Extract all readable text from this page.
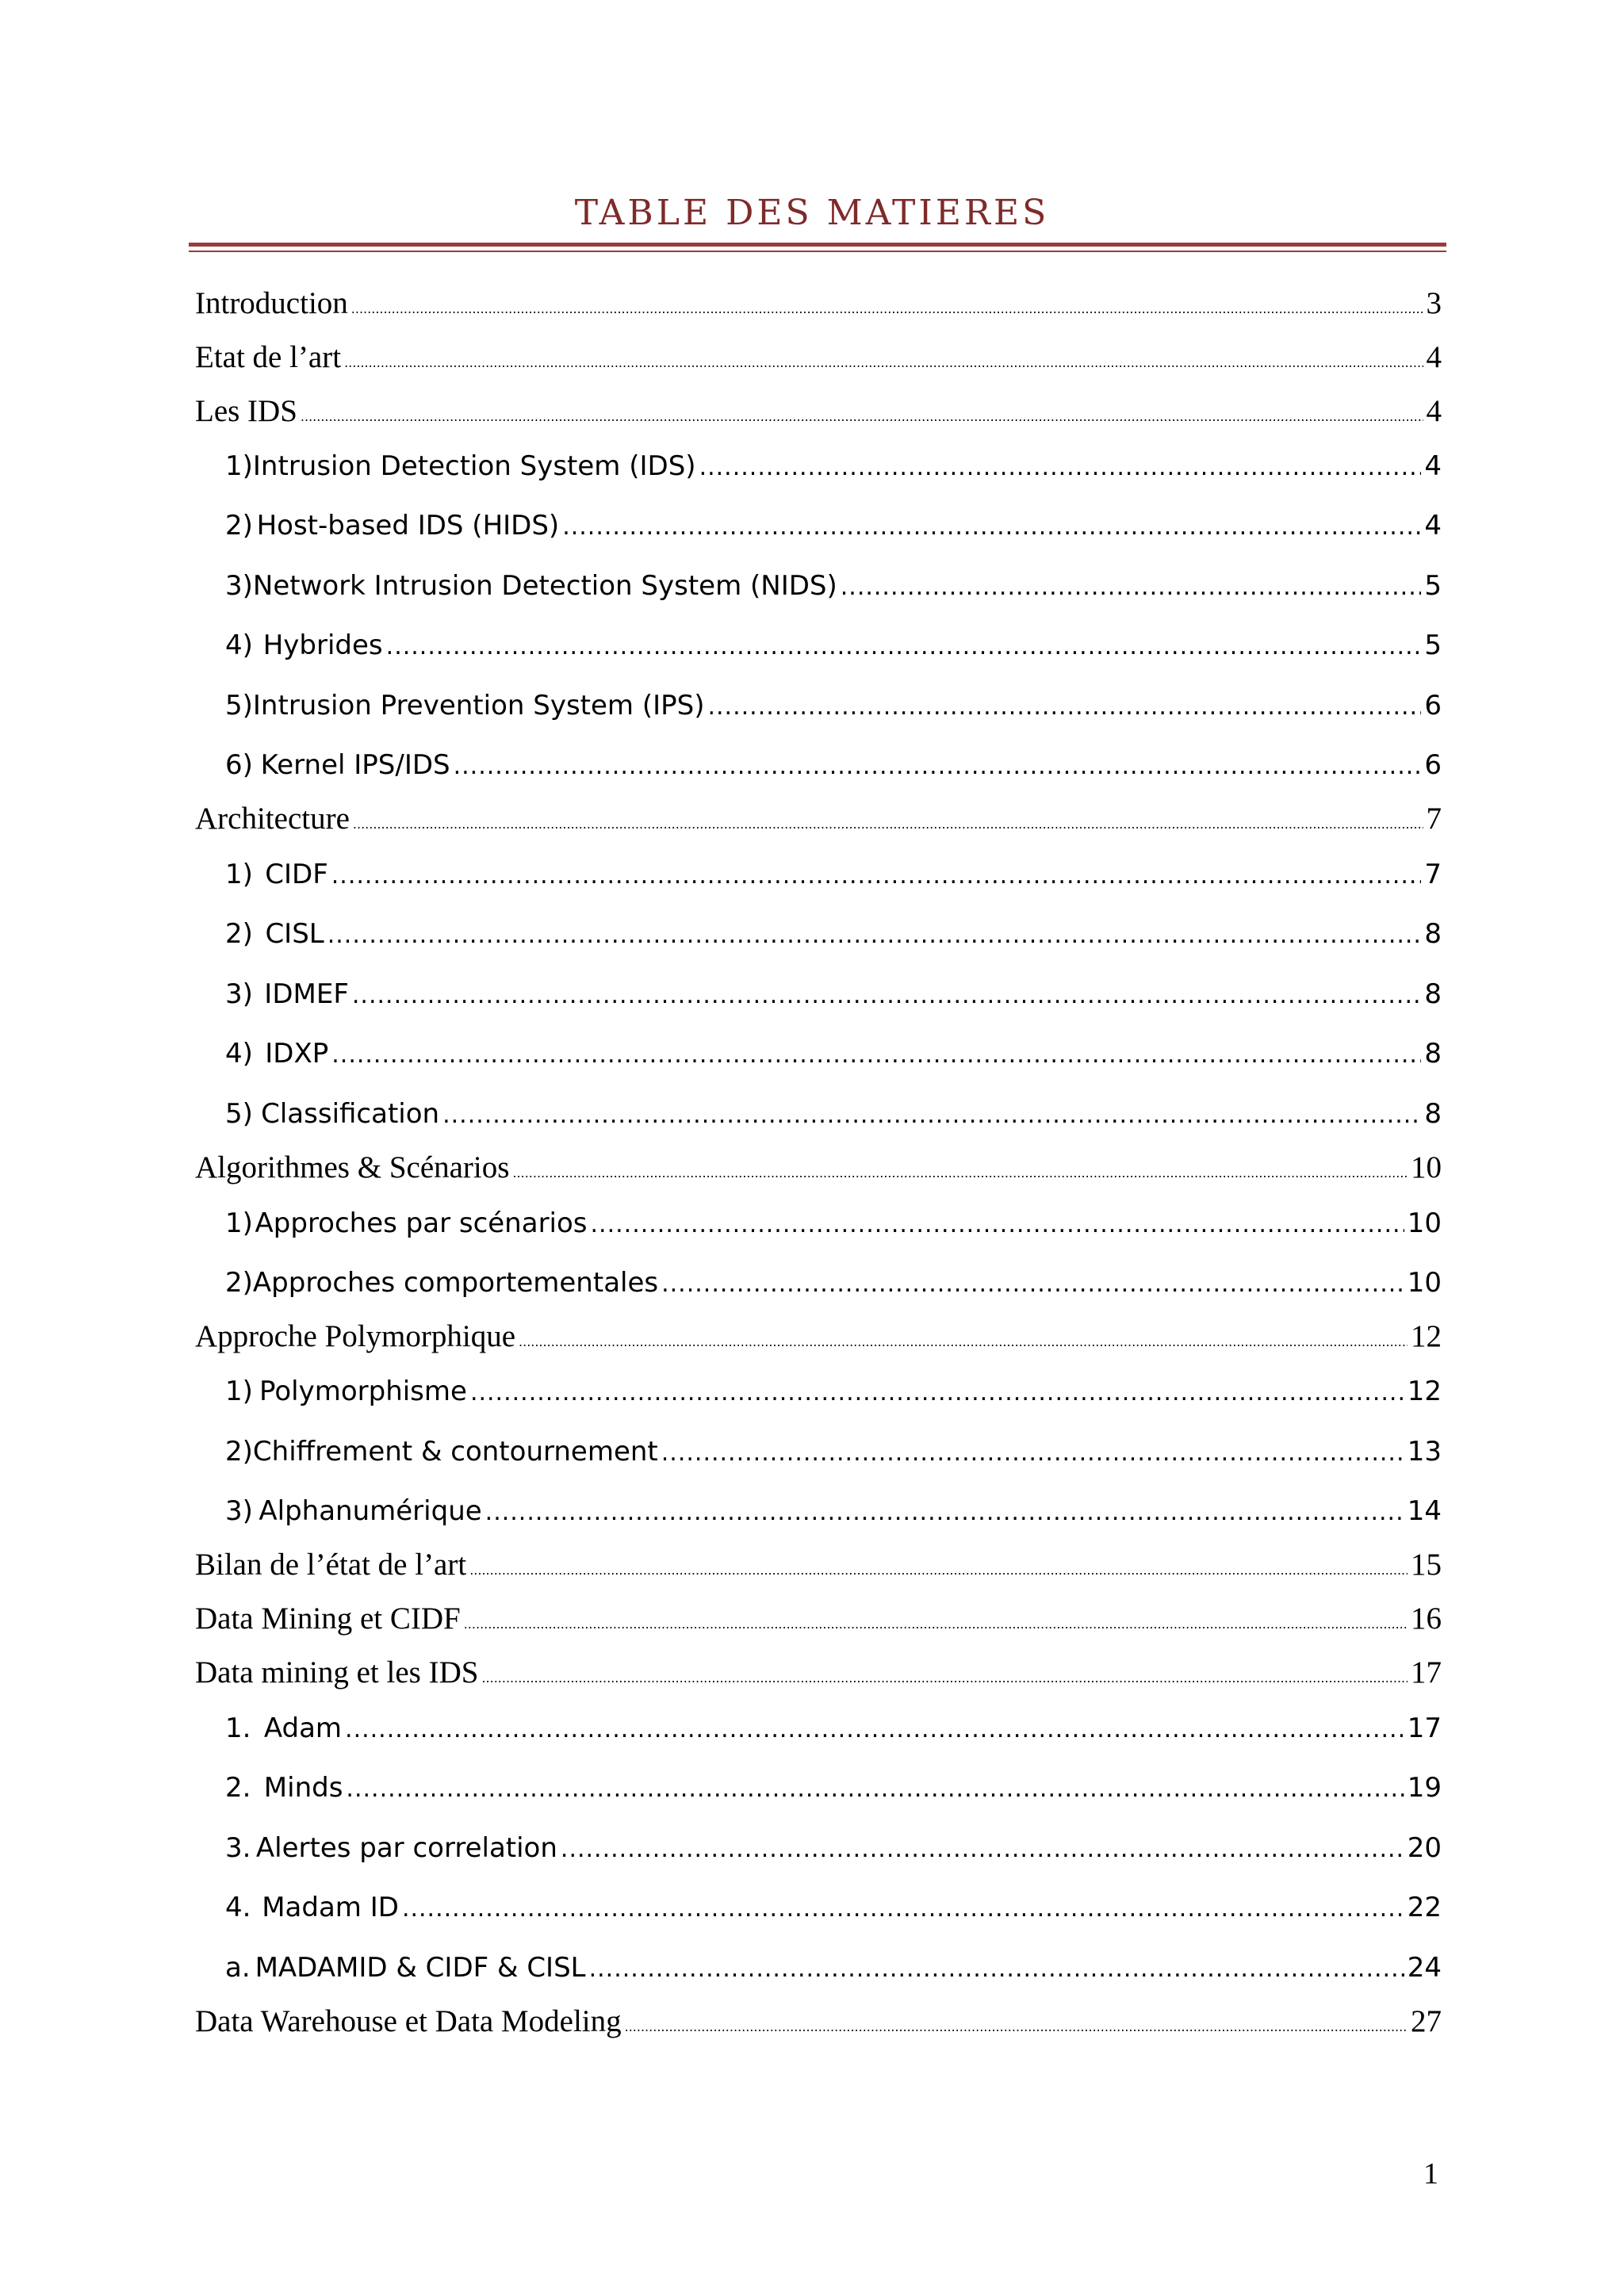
TABLE DES MATIERES
Introduction .....	3
Etat de l’art .....	4
Les IDS .....	4
1) Intrusion Detection System (IDS) .....	4
2) Host-based IDS (HIDS) .....	4
3) Network Intrusion Detection System (NIDS) .....	5
4) Hybrides .....	5
5) Intrusion Prevention System (IPS) .....	6
6) Kernel IPS/IDS .....	6
Architecture .....	7
1) CIDF .....	7
2) CISL .....	8
3) IDMEF .....	8
4) IDXP .....	8
5) Classification .....	8
Algorithmes & Scénarios .....	10
1) Approches par scénarios .....	10
2) Approches comportementales .....	10
Approche Polymorphique .....	12
1) Polymorphisme .....	12
2) Chiffrement & contournement .....	13
3) Alphanumérique .....	14
Bilan de l’état de l’art .....	15
Data Mining et CIDF .....	16
Data mining et les IDS .....	17
1. Adam .....	17
2. Minds .....	19
3. Alertes par correlation .....	20
4. Madam ID .....	22
a. MADAMID & CIDF & CISL .....	24
Data Warehouse et Data Modeling .....	27
1
